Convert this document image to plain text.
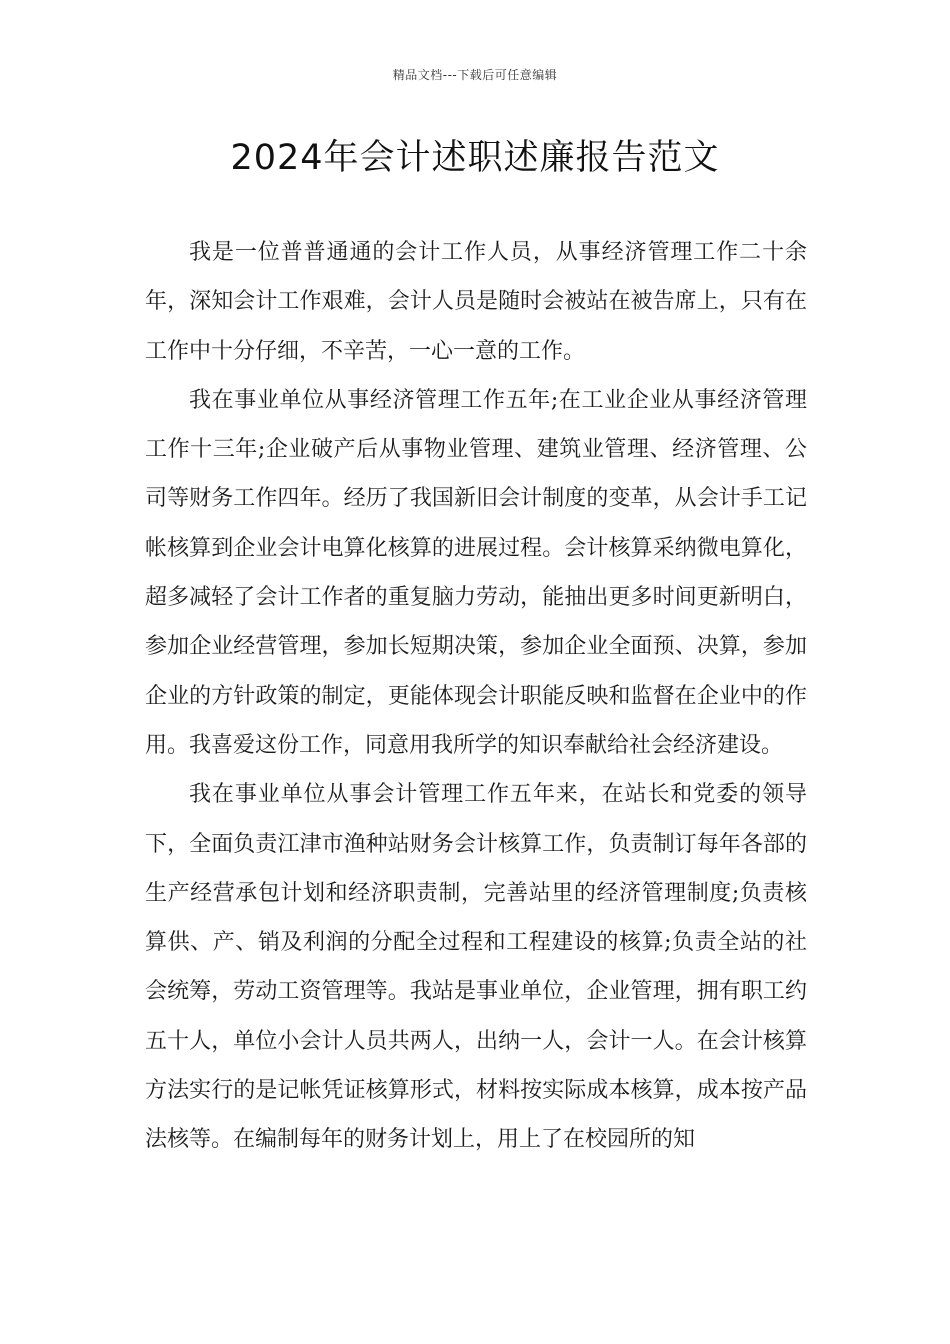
精品文档---下载后可任意编辑
2024年会计述职述廉报告范文

我是一位普普通通的会计工作人员，从事经济管理工作二十余年，深知会计工作艰难，会计人员是随时会被站在被告席上，只有在工作中十分仔细，不辛苦，一心一意的工作。

我在事业单位从事经济管理工作五年;在工业企业从事经济管理工作十三年;企业破产后从事物业管理、建筑业管理、经济管理、公司等财务工作四年。经历了我国新旧会计制度的变革，从会计手工记帐核算到企业会计电算化核算的进展过程。会计核算采纳微电算化，超多减轻了会计工作者的重复脑力劳动，能抽出更多时间更新明白，参加企业经营管理，参加长短期决策，参加企业全面预、决算，参加企业的方针政策的制定，更能体现会计职能反映和监督在企业中的作用。我喜爱这份工作，同意用我所学的知识奉献给社会经济建设。

我在事业单位从事会计管理工作五年来，在站长和党委的领导下，全面负责江津市渔种站财务会计核算工作，负责制订每年各部的生产经营承包计划和经济职责制，完善站里的经济管理制度;负责核算供、产、销及利润的分配全过程和工程建设的核算;负责全站的社会统筹，劳动工资管理等。我站是事业单位，企业管理，拥有职工约五十人，单位小会计人员共两人，出纳一人，会计一人。在会计核算方法实行的是记帐凭证核算形式，材料按实际成本核算，成本按产品法核等。在编制每年的财务计划上，用上了在校园所的知
